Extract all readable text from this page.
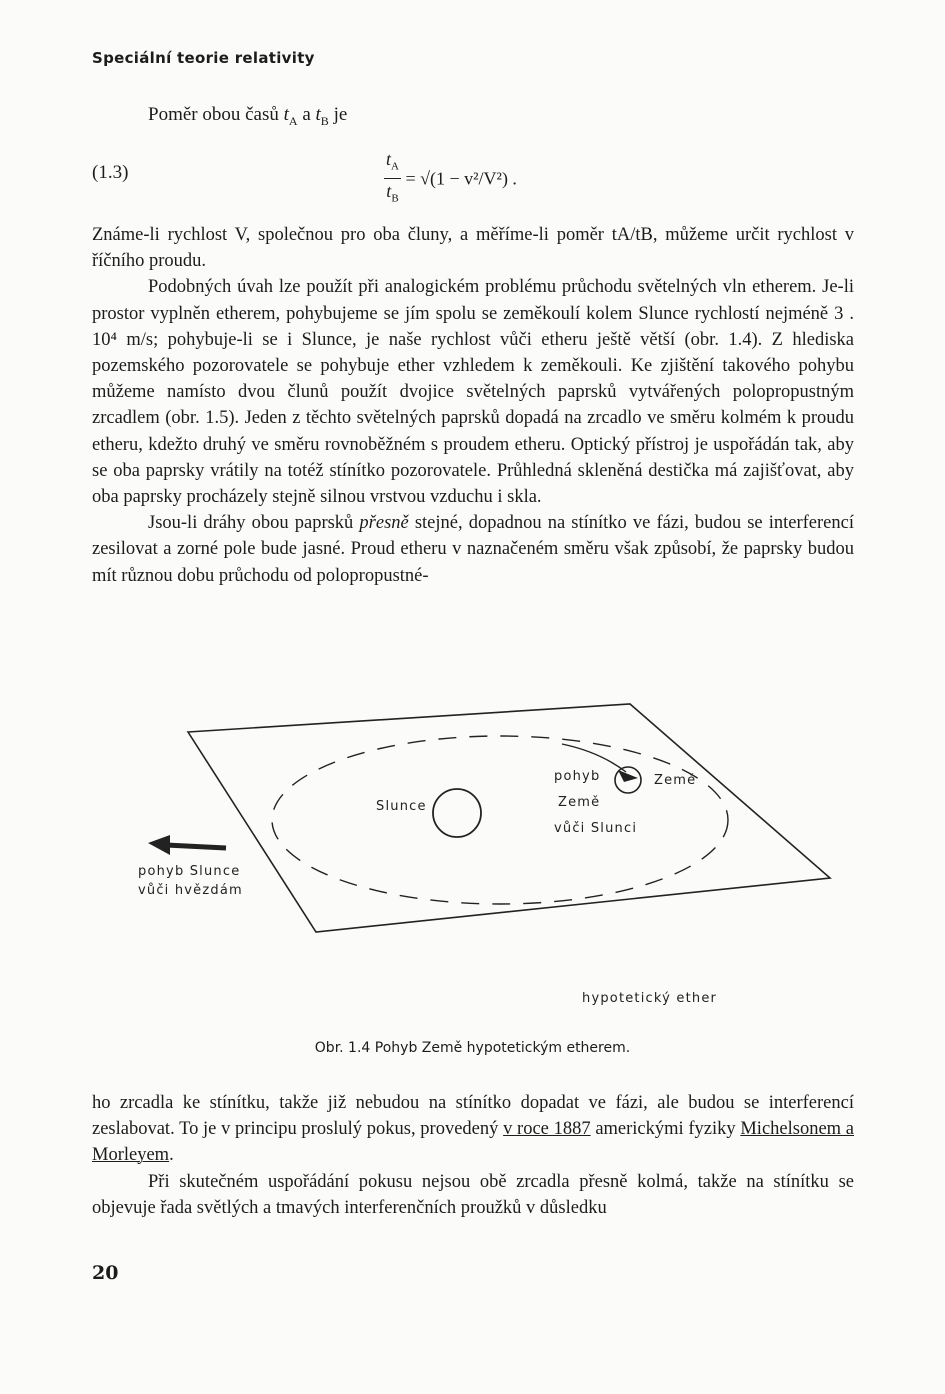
Speciální teorie relativity
Poměr obou časů $t_A$ a $t_B$ je
(1.3)	$\frac{t_A}{t_B} = √(1 - v^2/V^2)$ .

Známe-li rychlost V, společnou pro oba čluny, a měříme-li poměr tA/tB, můžeme určit rychlost v říčního proudu.

Podobných úvah lze použít při analogickém problému průchodu světelných vln etherem. Je-li prostor vyplněn etherem, pohybujeme se jím spolu se zeměkoulí kolem Slunce rychlostí nejméně 3 . 10⁴ m/s; pohybuje-li se i Slunce, je naše rychlost vůči etheru ještě větší (obr. 1.4). Z hlediska pozemského pozorovatele se pohybuje ether vzhledem k zeměkouli. Ke zjištění takového pohybu můžeme namísto dvou člunů použít dvojice světelných paprsků vytvářených polopropustným zrcadlem (obr. 1.5). Jeden z těchto světelných paprsků dopadá na zrcadlo ve směru kolmém k proudu etheru, kdežto druhý ve směru rovnoběžném s proudem etheru. Optický přístroj je uspořádán tak, aby se oba paprsky vrátily na totéž stínítko pozorovatele. Průhledná skleněná destička má zajišťovat, aby oba paprsky procházely stejně silnou vrstvou vzduchu i skla.

Jsou-li dráhy obou paprsků přesně stejné, dopadnou na stínítko ve fázi, budou se interferencí zesilovat a zorné pole bude jasné. Proud etheru v naznačeném směru však způsobí, že paprsky budou mít různou dobu průchodu od polopropustné-

Slunce
Země
pohyb
Země
vůči Slunci
pohyb Slunce
vůči hvězdám
hypotetický ether
Obr. 1.4 Pohyb Země hypotetickým etherem.

ho zrcadla ke stínítku, takže již nebudou na stínítko dopadat ve fázi, ale budou se interferencí zeslabovat. To je v principu proslulý pokus, provedený v roce 1887 americkými fyziky Michelsonem a Morleyem.

Při skutečném uspořádání pokusu nejsou obě zrcadla přesně kolmá, takže na stínítku se objevuje řada světlých a tmavých interferenčních proužků v důsledku

20
